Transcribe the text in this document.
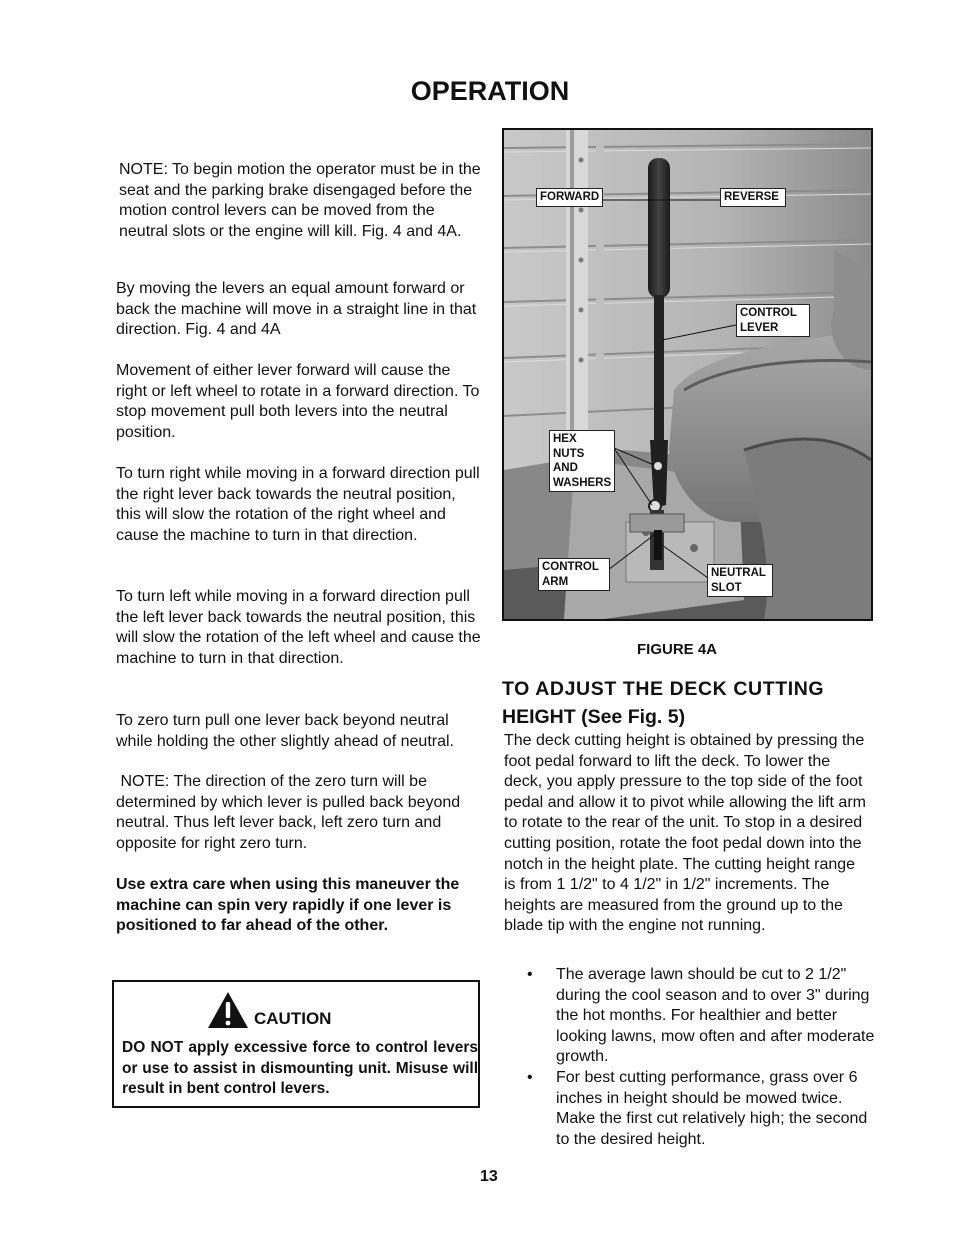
OPERATION

NOTE: To begin motion the operator must be in the seat and the parking brake disengaged before the motion control levers can be moved from the neutral slots or the engine will kill. Fig. 4 and 4A.

By moving the levers an equal amount forward or back the machine will move in a straight line in that direction. Fig. 4 and 4A

Movement of either lever forward will cause the right or left wheel to rotate in a forward direction. To stop movement pull both levers into the neutral position.

To turn right while moving in a forward direction pull the right lever back towards the neutral position, this will slow the rotation of the right wheel and cause the machine to turn in that direction.

To turn left while moving in a forward direction pull the left lever back towards the neutral position, this will slow the rotation of the left wheel and cause the machine to turn in that direction.

To zero turn pull one lever back beyond neutral while holding the other slightly ahead of neutral.

NOTE: The direction of the zero turn will be determined by which lever is pulled back beyond neutral. Thus left lever back, left zero turn and opposite for right zero turn.

Use extra care when using this maneuver the machine can spin very rapidly if one lever is positioned to far ahead of the other.

CAUTION

DO NOT apply excessive force to control levers or use to assist in dismounting unit. Misuse will result in bent control levers.

FORWARD	REVERSE
CONTROL
LEVER
HEX NUTS
AND
WASHERS
CONTROL
ARM
NEUTRAL
SLOT
FIGURE 4A
TO ADJUST THE DECK CUTTING
HEIGHT (See Fig. 5)

The deck cutting height is obtained by pressing the foot pedal forward to lift the deck. To lower the deck, you apply pressure to the top side of the foot pedal and allow it to pivot while allowing the lift arm to rotate to the rear of the unit. To stop in a desired cutting position, rotate the foot pedal down into the notch in the height plate. The cutting height range is from 1 1/2" to 4 1/2" in 1/2" increments. The heights are measured from the ground up to the blade tip with the engine not running.

• The average lawn should be cut to 2 1/2" during the cool season and to over 3" during the hot months. For healthier and better looking lawns, mow often and after moderate growth.
• For best cutting performance, grass over 6 inches in height should be mowed twice. Make the first cut relatively high; the second to the desired height.
13
